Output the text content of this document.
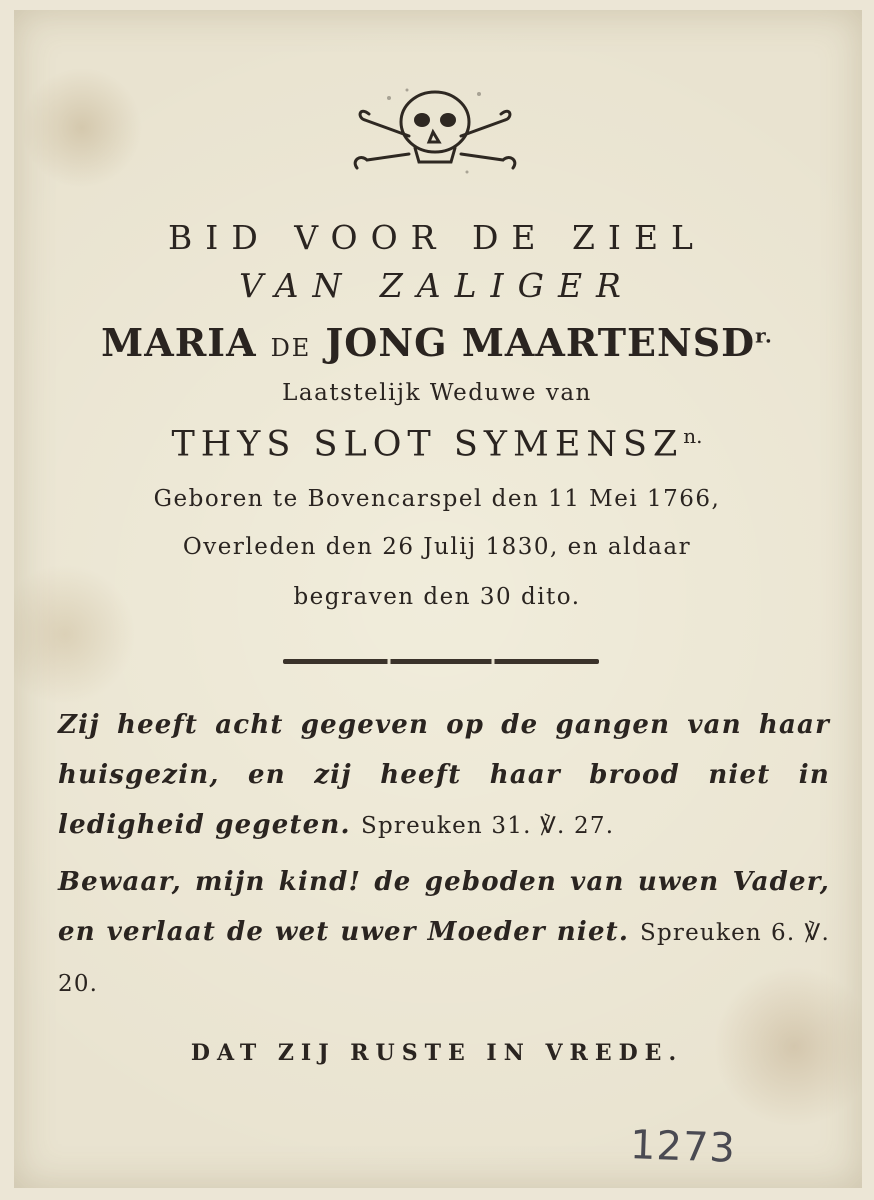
BID VOOR DE ZIEL
VAN ZALIGER
MARIA DE JONG $MAARTENSD^{r.}$
Laatstelijk Weduwe van
THYS SLOT $SYMENSZ^{n.}$
Geboren te Bovencarspel den 11 Mei 1766,
Overleden den 26 Julij 1830, en aldaar
begraven den 30 dito.
Zij heeft acht gegeven op de gangen van haar huisgezin, en zij heeft haar brood niet in ledigheid gegeten. Spreuken 31. ℣. 27.
Bewaar, mijn kind! de geboden van uwen Vader, en verlaat de wet uwer Moeder niet. Spreuken 6. ℣. 20.
DAT ZIJ RUSTE IN VREDE.
1273
